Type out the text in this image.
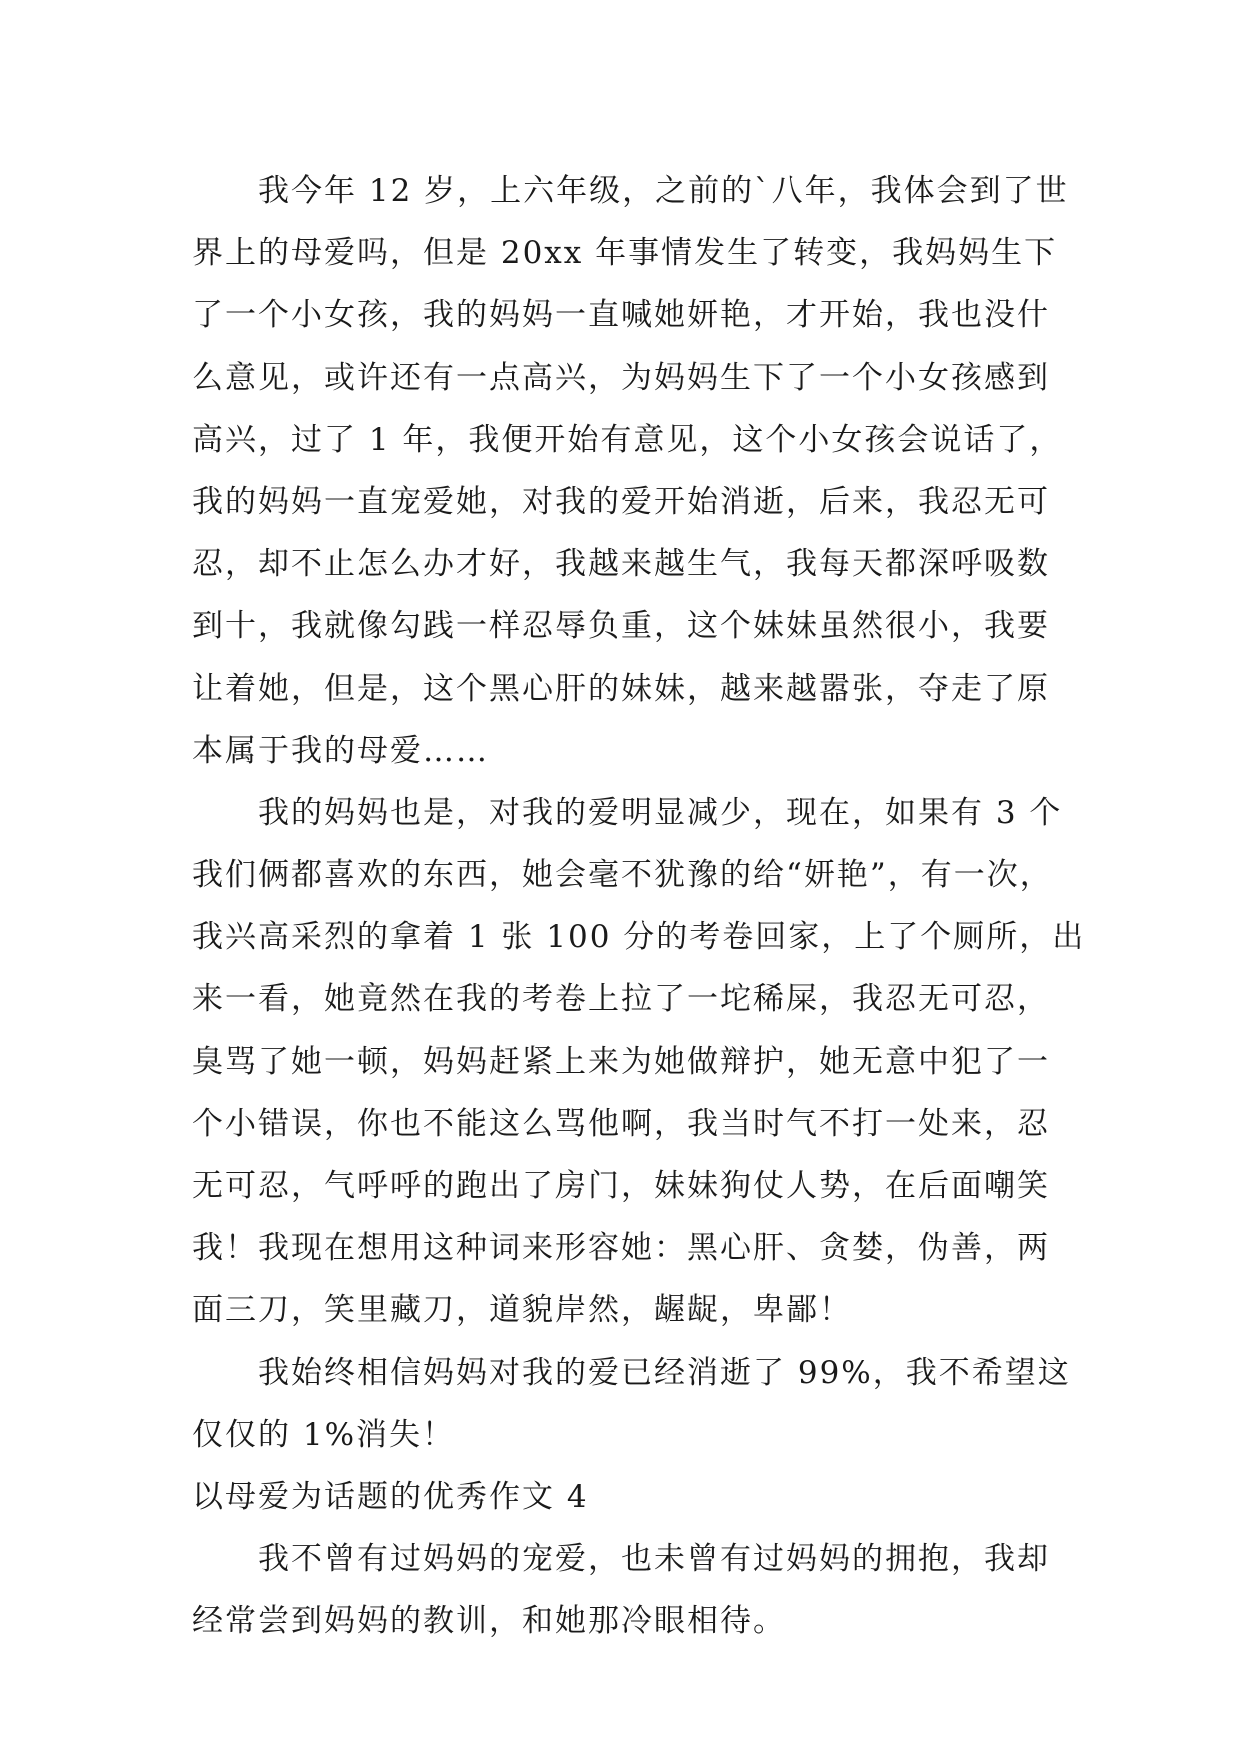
我今年 12 岁，上六年级，之前的`八年，我体会到了世
界上的母爱吗，但是 20xx 年事情发生了转变，我妈妈生下
了一个小女孩，我的妈妈一直喊她妍艳，才开始，我也没什
么意见，或许还有一点高兴，为妈妈生下了一个小女孩感到
高兴，过了 1 年，我便开始有意见，这个小女孩会说话了，
我的妈妈一直宠爱她，对我的爱开始消逝，后来，我忍无可
忍，却不止怎么办才好，我越来越生气，我每天都深呼吸数
到十，我就像勾践一样忍辱负重，这个妹妹虽然很小，我要
让着她，但是，这个黑心肝的妹妹，越来越嚣张，夺走了原
本属于我的母爱……
我的妈妈也是，对我的爱明显减少，现在，如果有 3 个
我们俩都喜欢的东西，她会毫不犹豫的给“妍艳”，有一次，
我兴高采烈的拿着 1 张 100 分的考卷回家，上了个厕所，出
来一看，她竟然在我的考卷上拉了一坨稀屎，我忍无可忍，
臭骂了她一顿，妈妈赶紧上来为她做辩护，她无意中犯了一
个小错误，你也不能这么骂他啊，我当时气不打一处来，忍
无可忍，气呼呼的跑出了房门，妹妹狗仗人势，在后面嘲笑
我！我现在想用这种词来形容她：黑心肝、贪婪，伪善，两
面三刀，笑里藏刀，道貌岸然，龌龊，卑鄙！
我始终相信妈妈对我的爱已经消逝了 99%，我不希望这
仅仅的 1%消失！
以母爱为话题的优秀作文 4
我不曾有过妈妈的宠爱，也未曾有过妈妈的拥抱，我却
经常尝到妈妈的教训，和她那冷眼相待。
